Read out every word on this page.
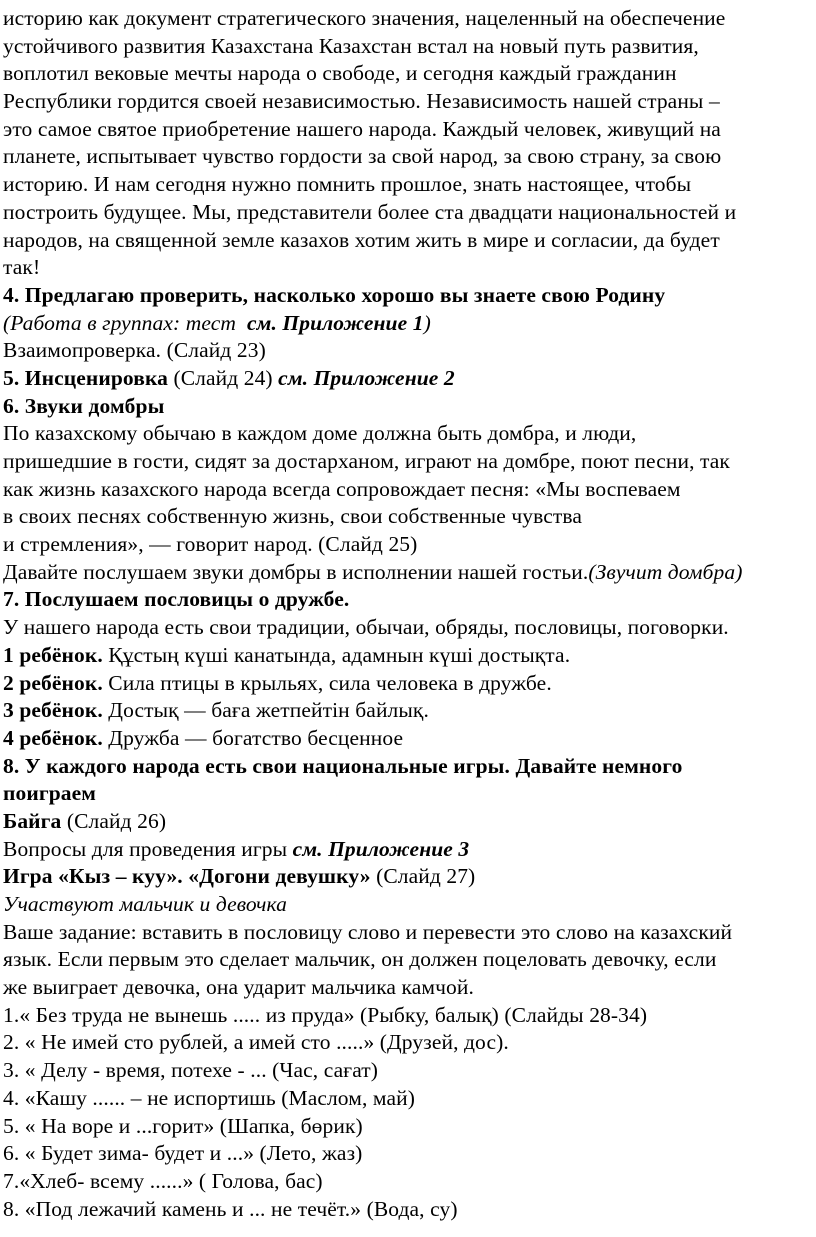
историю как документ стратегического значения, нацеленный на обеспечение
устойчивого развития Казахстана Казахстан встал на новый путь развития,
воплотил вековые мечты народа о свободе, и сегодня каждый гражданин
Республики гордится своей независимостью. Независимость нашей страны –
это самое святое приобретение нашего народа. Каждый человек, живущий на
планете, испытывает чувство гордости за свой народ, за свою страну, за свою
историю. И нам сегодня нужно помнить прошлое, знать настоящее, чтобы
построить будущее. Мы, представители более ста двадцати национальностей и
народов, на священной земле казахов хотим жить в мире и согласии, да будет
так!
4. Предлагаю проверить, насколько хорошо вы знаете свою Родину
(Работа в группах: тест  см. Приложение 1)
Взаимопроверка. (Слайд 23)
5. Инсценировка (Слайд 24) см. Приложение 2
6. Звуки домбры
По казахскому обычаю в каждом доме должна быть домбра, и люди,
пришедшие в гости, сидят за достарханом, играют на домбре, поют песни, так
как жизнь казахского народа всегда сопровождает песня: «Мы воспеваем
в своих песнях собственную жизнь, свои собственные чувства
и стремления», — говорит народ. (Слайд 25)
Давайте послушаем звуки домбры в исполнении нашей гостьи.(Звучит домбра)
7. Послушаем пословицы о дружбе.
У нашего народа есть свои традиции, обычаи, обряды, пословицы, поговорки.
1 ребёнок. Құстың күші канатында, адамнын күші достықта.
2 ребёнок. Сила птицы в крыльях, сила человека в дружбе.
3 ребёнок. Достық — баға жетпейтін байлық.
4 ребёнок. Дружба — богатство бесценное
8. У каждого народа есть свои национальные игры. Давайте немного
поиграем
Байга (Слайд 26)
Вопросы для проведения игры см. Приложение 3
Игра «Кыз – куу». «Догони девушку» (Слайд 27)
Участвуют мальчик и девочка
Ваше задание: вставить в пословицу слово и перевести это слово на казахский
язык. Если первым это сделает мальчик, он должен поцеловать девочку, если
же выиграет девочка, она ударит мальчика камчой.
1.« Без труда не вынешь ..... из пруда» (Рыбку, балық) (Слайды 28-34)
2. « Не имей сто рублей, а имей сто .....» (Друзей, дос).
3. « Делу - время, потехе - ... (Час, сағат)
4. «Кашу ...... – не испортишь (Маслом, май)
5. « На воре и ...горит» (Шапка, бөрик)
6. « Будет зима- будет и ...» (Лето, жаз)
7.«Хлеб- всему ......» ( Голова, бас)
8. «Под лежачий камень и ... не течёт.» (Вода, су)
